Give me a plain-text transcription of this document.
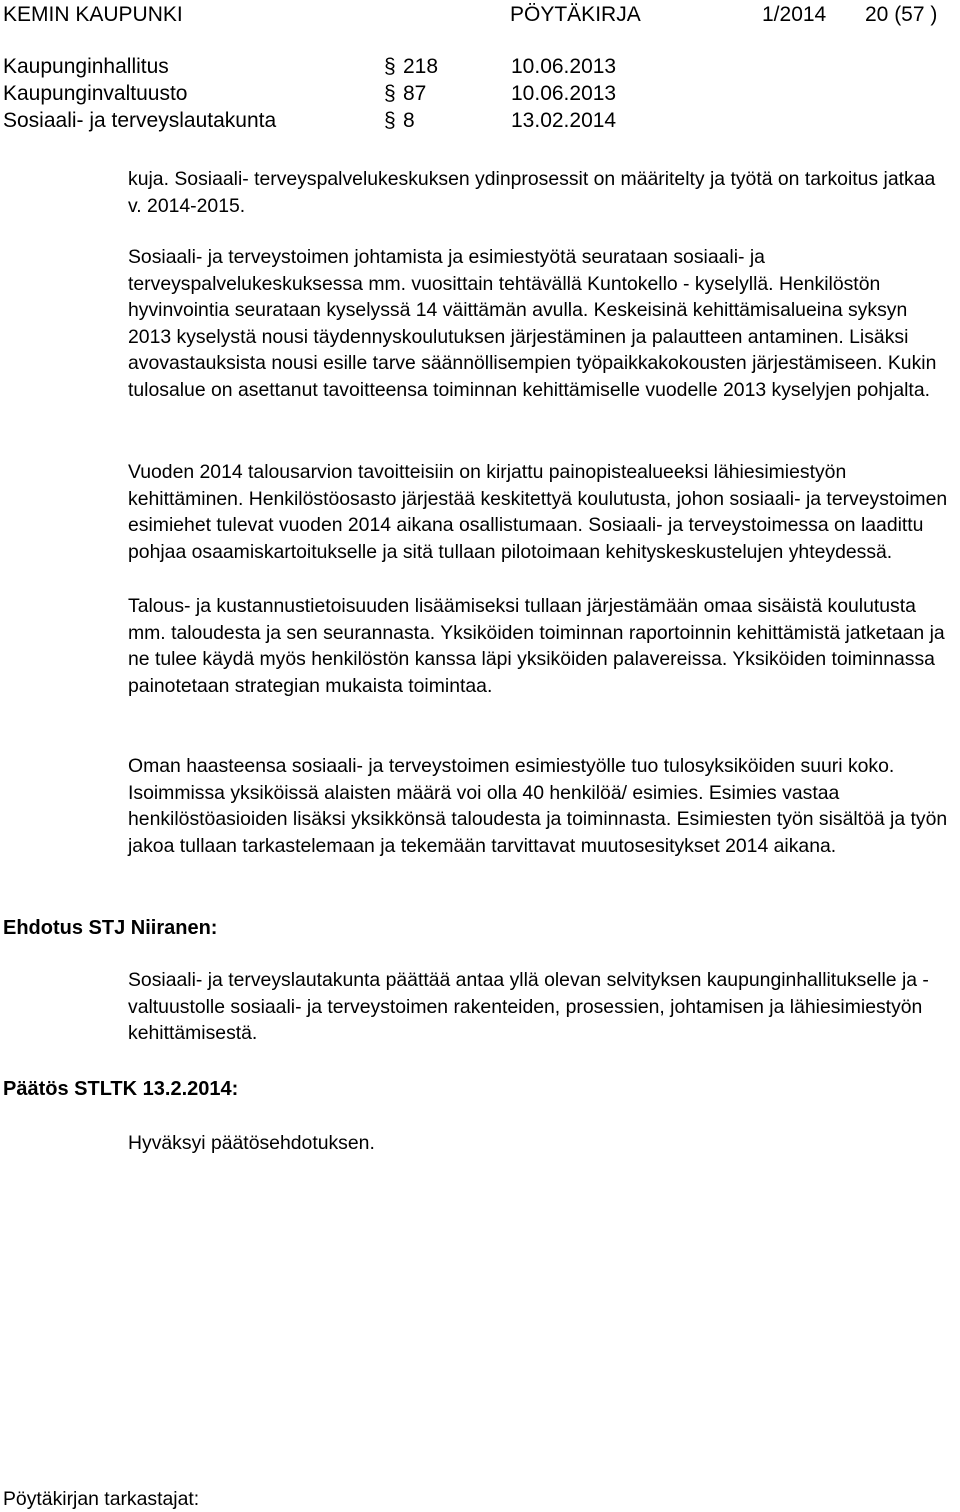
KEMIN KAUPUNKI	PÖYTÄKIRJA	1/2014 20 (57 )
Kaupunginhallitus	§ 218	10.06.2013
Kaupunginvaltuusto	§ 87	10.06.2013
Sosiaali- ja terveyslautakunta	§ 8	13.02.2014

kuja. Sosiaali- terveyspalvelukeskuksen ydinprosessit on määritelty ja työtä on tarkoitus jatkaa v. 2014-2015.

Sosiaali- ja terveystoimen johtamista ja esimiestyötä seurataan sosiaali- ja terveyspalvelukeskuksessa mm. vuosittain tehtävällä Kuntokello - kyselyllä. Henkilöstön hyvinvointia seurataan kyselyssä 14 väittämän avulla. Keskeisinä kehittämisalueina syksyn 2013 kyselystä nousi täydennyskoulutuksen järjestäminen ja palautteen antaminen. Lisäksi avovastauksista nousi esille tarve säännöllisempien työpaikkakokousten järjestämiseen. Kukin tulosalue on asettanut tavoitteensa toiminnan kehittämiselle vuodelle 2013 kyselyjen pohjalta.

Vuoden 2014 talousarvion tavoitteisiin on kirjattu painopistealueeksi lähiesimiestyön kehittäminen. Henkilöstöosasto järjestää keskitettyä koulutusta, johon sosiaali- ja terveystoimen esimiehet tulevat vuoden 2014 aikana osallistumaan. Sosiaali- ja terveystoimessa on laadittu pohjaa osaamiskartoitukselle ja sitä tullaan pilotoimaan kehityskeskustelujen yhteydessä.

Talous- ja kustannustietoisuuden lisäämiseksi tullaan järjestämään omaa sisäistä koulutusta mm. taloudesta ja sen seurannasta. Yksiköiden toiminnan raportoinnin kehittämistä jatketaan ja ne tulee käydä myös henkilöstön kanssa läpi yksiköiden palavereissa. Yksiköiden toiminnassa painotetaan strategian mukaista toimintaa.

Oman haasteensa sosiaali- ja terveystoimen esimiestyölle tuo tulosyksiköiden suuri koko. Isoimmissa yksiköissä alaisten määrä voi olla 40 henkilöä/ esimies. Esimies vastaa henkilöstöasioiden lisäksi yksikkönsä taloudesta ja toiminnasta. Esimiesten työn sisältöä ja työn jakoa tullaan tarkastelemaan ja tekemään tarvittavat muutosesitykset 2014 aikana.

Ehdotus STJ Niiranen:

Sosiaali- ja terveyslautakunta päättää antaa yllä olevan selvityksen kaupunginhallitukselle ja -valtuustolle sosiaali- ja terveystoimen rakenteiden, prosessien, johtamisen ja lähiesimiestyön kehittämisestä.

Päätös STLTK 13.2.2014:

Hyväksyi päätösehdotuksen.

Pöytäkirjan tarkastajat:
